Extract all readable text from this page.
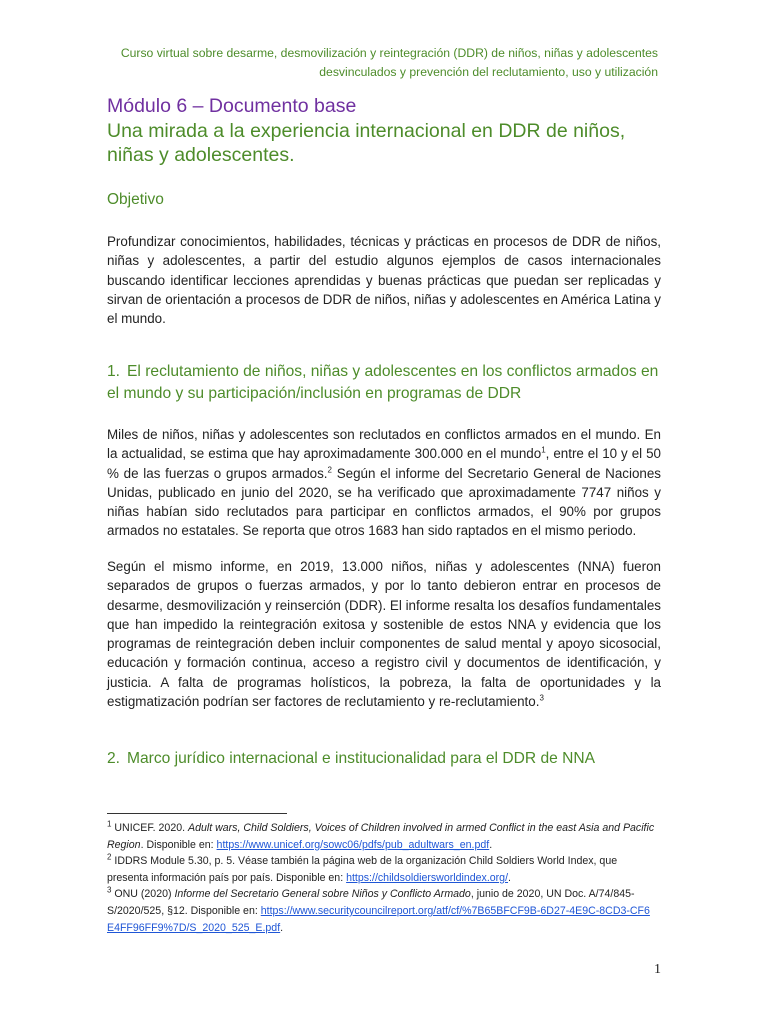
Curso virtual sobre desarme, desmovilización y reintegración (DDR) de niños, niñas y adolescentes
desvinculados y prevención del reclutamiento, uso y utilización
Módulo 6 – Documento base
Una mirada a la experiencia internacional en DDR de niños, niñas y adolescentes.
Objetivo
Profundizar conocimientos, habilidades, técnicas y prácticas en procesos de DDR de niños, niñas y adolescentes, a partir del estudio algunos ejemplos de casos internacionales buscando identificar lecciones aprendidas y buenas prácticas que puedan ser replicadas y sirvan de orientación a procesos de DDR de niños, niñas y adolescentes en América Latina y el mundo.
1. El reclutamiento de niños, niñas y adolescentes en los conflictos armados en el mundo y su participación/inclusión en programas de DDR
Miles de niños, niñas y adolescentes son reclutados en conflictos armados en el mundo. En la actualidad, se estima que hay aproximadamente 300.000 en el mundo$^1$, entre el 10 y el 50 % de las fuerzas o grupos armados.$^2$ Según el informe del Secretario General de Naciones Unidas, publicado en junio del 2020, se ha verificado que aproximadamente 7747 niños y niñas habían sido reclutados para participar en conflictos armados, el 90% por grupos armados no estatales. Se reporta que otros 1683 han sido raptados en el mismo periodo.
Según el mismo informe, en 2019, 13.000 niños, niñas y adolescentes (NNA) fueron separados de grupos o fuerzas armados, y por lo tanto debieron entrar en procesos de desarme, desmovilización y reinserción (DDR). El informe resalta los desafíos fundamentales que han impedido la reintegración exitosa y sostenible de estos NNA y evidencia que los programas de reintegración deben incluir componentes de salud mental y apoyo sicosocial, educación y formación continua, acceso a registro civil y documentos de identificación, y justicia. A falta de programas holísticos, la pobreza, la falta de oportunidades y la estigmatización podrían ser factores de reclutamiento y re-reclutamiento.$^3$
2. Marco jurídico internacional e institucionalidad para el DDR de NNA
$^1$ UNICEF. 2020. Adult wars, Child Soldiers, Voices of Children involved in armed Conflict in the east Asia and Pacific Region. Disponible en: https://www.unicef.org/sowc06/pdfs/pub_adultwars_en.pdf.
$^2$ IDDRS Module 5.30, p. 5. Véase también la página web de la organización Child Soldiers World Index, que presenta información país por país. Disponible en: https://childsoldiersworldindex.org/.
$^3$ ONU (2020) Informe del Secretario General sobre Niños y Conflicto Armado, junio de 2020, UN Doc. A/74/845-S/2020/525, §12. Disponible en: https://www.securitycouncilreport.org/atf/cf/%7B65BFCF9B-6D27-4E9C-8CD3-CF6E4FF96FF9%7D/S_2020_525_E.pdf.
1
